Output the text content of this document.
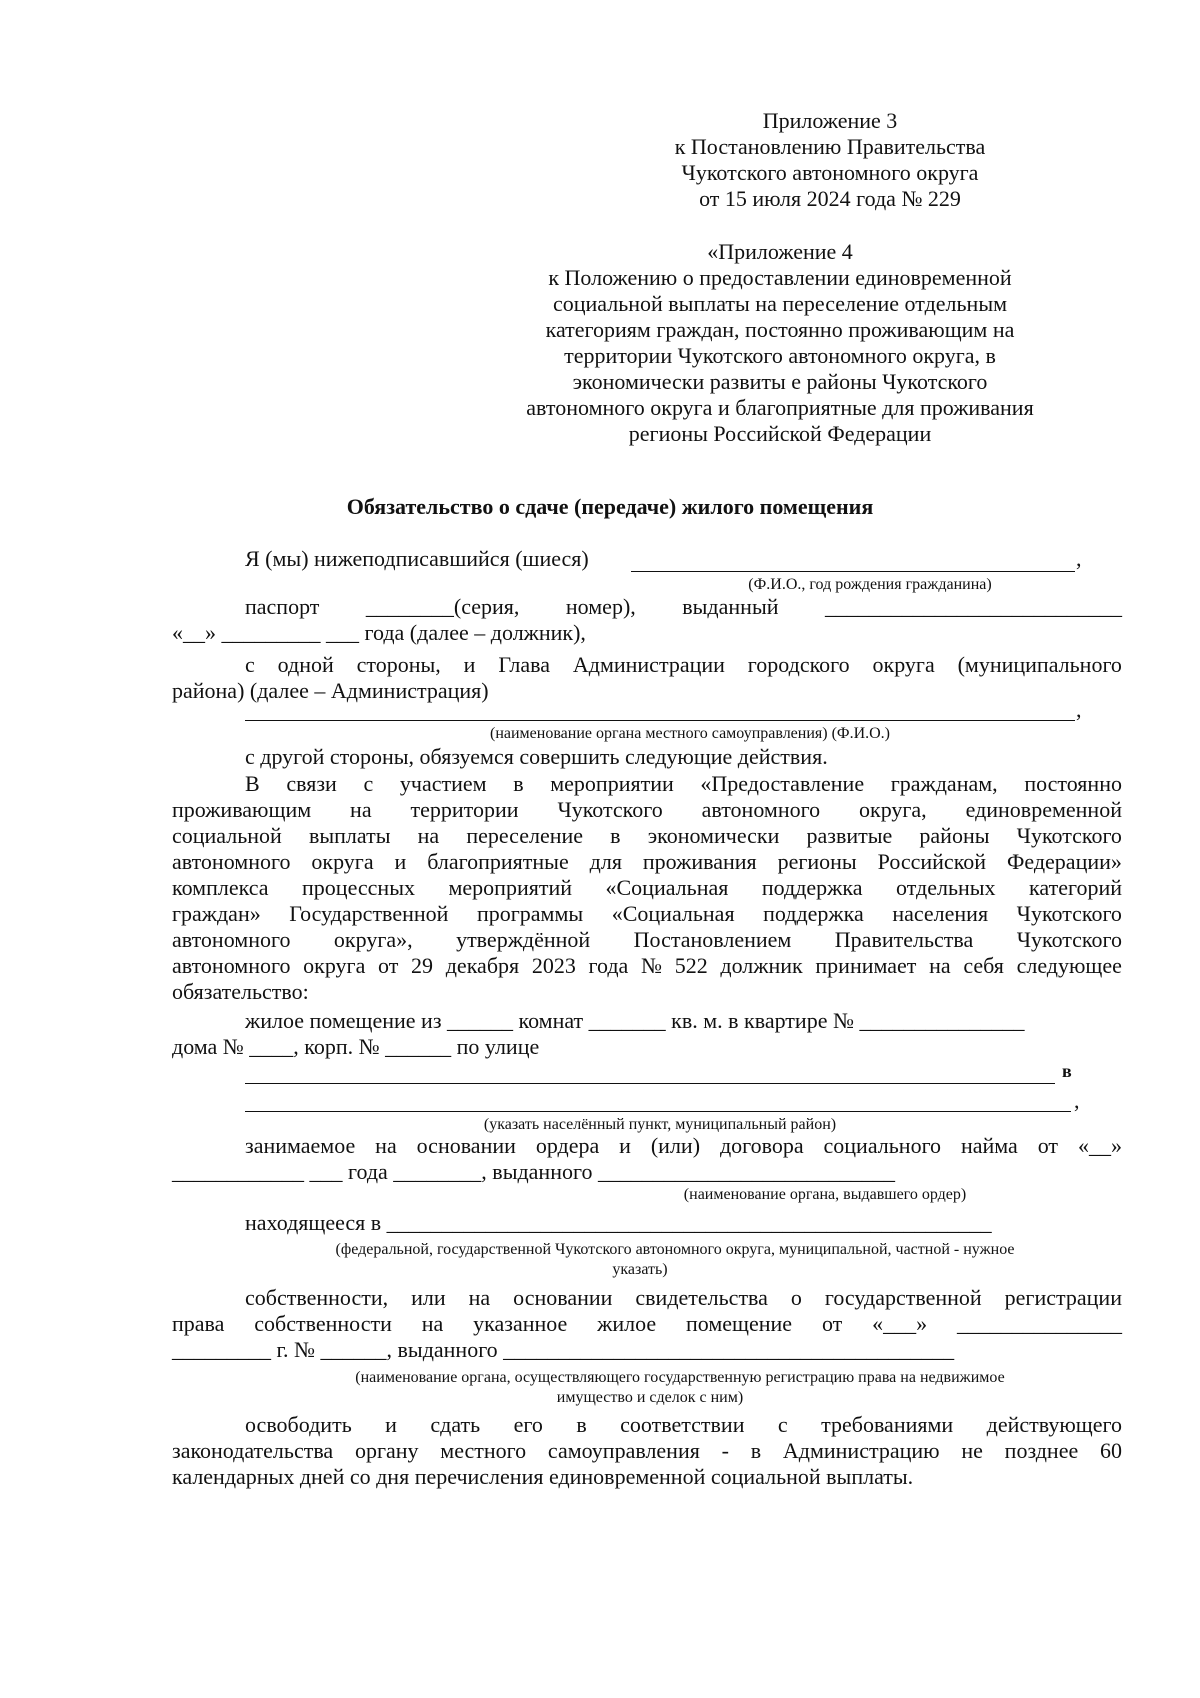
Приложение 3
к Постановлению Правительства
Чукотского автономного округа
от 15 июля 2024 года № 229
«Приложение 4
к Положению о предоставлении единовременной
социальной выплаты на переселение отдельным
категориям граждан, постоянно проживающим на
территории Чукотского автономного округа, в
экономически развиты е районы Чукотского
автономного округа и благоприятные для проживания
регионы Российской Федерации
Обязательство о сдаче (передаче) жилого помещения
Я (мы) нижеподписавшийся (шиеся)	,
(Ф.И.О., год рождения гражданина)
паспорт ________(серия, номер), выданный ___________________________
«__» _________ ___ года (далее – должник),
с одной стороны, и Глава Администрации городского округа (муниципального
района) (далее – Администрация)
,
(наименование органа местного самоуправления) (Ф.И.О.)
с другой стороны, обязуемся совершить следующие действия.
В связи с участием в мероприятии «Предоставление гражданам, постоянно
проживающим на территории Чукотского автономного округа, единовременной
социальной выплаты на переселение в экономически развитые районы Чукотского
автономного округа и благоприятные для проживания регионы Российской Федерации»
комплекса процессных мероприятий «Социальная поддержка отдельных категорий
граждан» Государственной программы «Социальная поддержка населения Чукотского
автономного округа», утверждённой Постановлением Правительства Чукотского
автономного округа от 29 декабря 2023 года № 522 должник принимает на себя следующее
обязательство:
жилое помещение из ______ комнат _______ кв. м. в квартире № _______________
дома № ____, корп. № ______ по улице
в
,
(указать населённый пункт, муниципальный район)
занимаемое на основании ордера и (или) договора социального найма от «__»
____________ ___ года ________, выданного ___________________________
(наименование органа, выдавшего ордер)
находящееся в _______________________________________________________
(федеральной, государственной Чукотского автономного округа, муниципальной, частной - нужное
указать)
собственности, или на основании свидетельства о государственной регистрации
права собственности на указанное жилое помещение от «___» _______________
_________ г. № ______, выданного _________________________________________
(наименование органа, осуществляющего государственную регистрацию права на недвижимое
имущество и сделок с ним)
освободить и сдать его в соответствии с требованиями действующего
законодательства органу местного самоуправления - в Администрацию не позднее 60
календарных дней со дня перечисления единовременной социальной выплаты.
